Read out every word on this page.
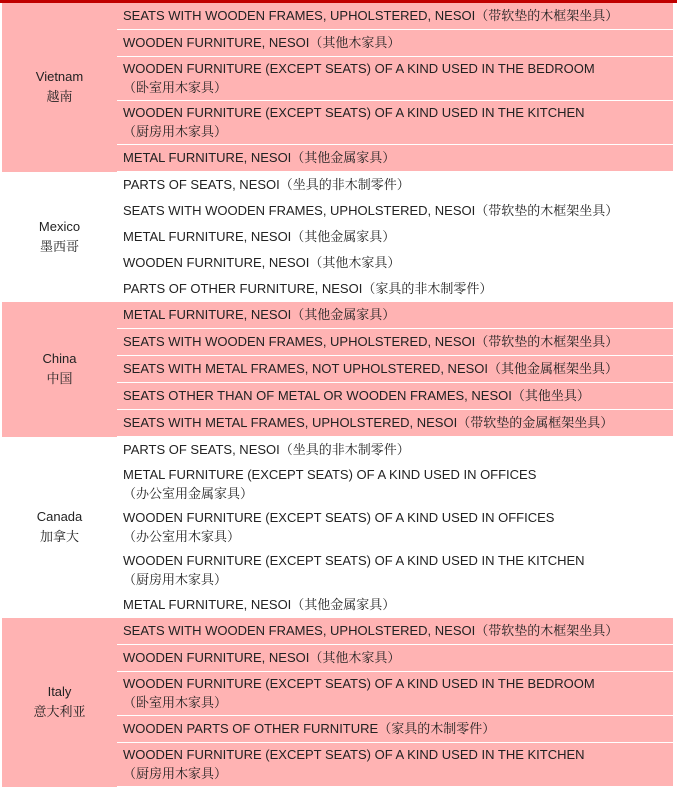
Vietnam
越南	SEATS WITH WOODEN FRAMES, UPHOLSTERED, NESOI（带软垫的木框架坐具）

	WOODEN FURNITURE, NESOI（其他木家具）

	WOODEN FURNITURE (EXCEPT SEATS) OF A KIND USED IN THE BEDROOM
（卧室用木家具）

	WOODEN FURNITURE (EXCEPT SEATS) OF A KIND USED IN THE KITCHEN
（厨房用木家具）

	METAL FURNITURE, NESOI（其他金属家具）

Mexico
墨西哥	PARTS OF SEATS, NESOI（坐具的非木制零件）

	SEATS WITH WOODEN FRAMES, UPHOLSTERED, NESOI（带软垫的木框架坐具）

	METAL FURNITURE, NESOI（其他金属家具）

	WOODEN FURNITURE, NESOI（其他木家具）

	PARTS OF OTHER FURNITURE, NESOI（家具的非木制零件）

China
中国	METAL FURNITURE, NESOI（其他金属家具）

	SEATS WITH WOODEN FRAMES, UPHOLSTERED, NESOI（带软垫的木框架坐具）

	SEATS WITH METAL FRAMES, NOT UPHOLSTERED, NESOI（其他金属框架坐具）

	SEATS OTHER THAN OF METAL OR WOODEN FRAMES, NESOI（其他坐具）

	SEATS WITH METAL FRAMES, UPHOLSTERED, NESOI（带软垫的金属框架坐具）

Canada
加拿大	PARTS OF SEATS, NESOI（坐具的非木制零件）

	METAL FURNITURE (EXCEPT SEATS) OF A KIND USED IN OFFICES
（办公室用金属家具）

	WOODEN FURNITURE (EXCEPT SEATS) OF A KIND USED IN OFFICES
（办公室用木家具）

	WOODEN FURNITURE (EXCEPT SEATS) OF A KIND USED IN THE KITCHEN
（厨房用木家具）

	METAL FURNITURE, NESOI（其他金属家具）

Italy
意大利亚	SEATS WITH WOODEN FRAMES, UPHOLSTERED, NESOI（带软垫的木框架坐具）

	WOODEN FURNITURE, NESOI（其他木家具）

	WOODEN FURNITURE (EXCEPT SEATS) OF A KIND USED IN THE BEDROOM
（卧室用木家具）

	WOODEN PARTS OF OTHER FURNITURE（家具的木制零件）

	WOODEN FURNITURE (EXCEPT SEATS) OF A KIND USED IN THE KITCHEN
（厨房用木家具）
